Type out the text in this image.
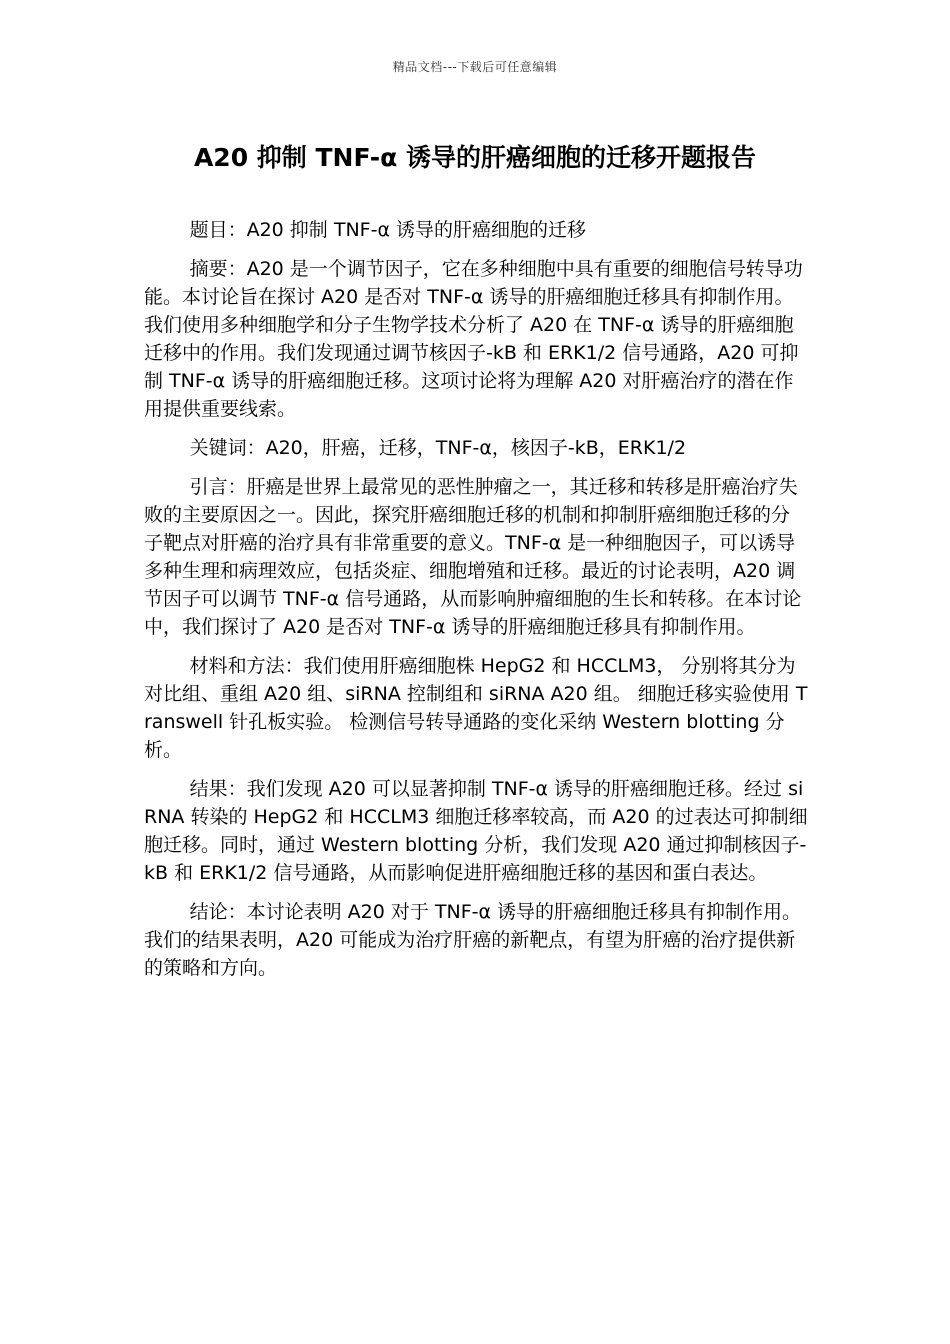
精品文档---下载后可任意编辑
A20 抑制 TNF-α 诱导的肝癌细胞的迁移开题报告

题目：A20 抑制 TNF-α 诱导的肝癌细胞的迁移

摘要：A20 是一个调节因子，它在多种细胞中具有重要的细胞信号转导功能。本讨论旨在探讨 A20 是否对 TNF-α 诱导的肝癌细胞迁移具有抑制作用。我们使用多种细胞学和分子生物学技术分析了 A20 在 TNF-α 诱导的肝癌细胞迁移中的作用。我们发现通过调节核因子-kB 和 ERK1/2 信号通路，A20 可抑制 TNF-α 诱导的肝癌细胞迁移。这项讨论将为理解 A20 对肝癌治疗的潜在作用提供重要线索。

关键词：A20，肝癌，迁移，TNF-α，核因子-kB，ERK1/2

引言：肝癌是世界上最常见的恶性肿瘤之一，其迁移和转移是肝癌治疗失败的主要原因之一。因此，探究肝癌细胞迁移的机制和抑制肝癌细胞迁移的分子靶点对肝癌的治疗具有非常重要的意义。TNF-α 是一种细胞因子，可以诱导多种生理和病理效应，包括炎症、细胞增殖和迁移。最近的讨论表明，A20 调节因子可以调节 TNF-α 信号通路，从而影响肿瘤细胞的生长和转移。在本讨论中，我们探讨了 A20 是否对 TNF-α 诱导的肝癌细胞迁移具有抑制作用。

材料和方法：我们使用肝癌细胞株 HepG2 和 HCCLM3， 分别将其分为对比组、重组 A20 组、siRNA 控制组和 siRNA A20 组。 细胞迁移实验使用 Transwell 针孔板实验。 检测信号转导通路的变化采纳 Western blotting 分析。

结果：我们发现 A20 可以显著抑制 TNF-α 诱导的肝癌细胞迁移。经过 siRNA 转染的 HepG2 和 HCCLM3 细胞迁移率较高，而 A20 的过表达可抑制细胞迁移。同时，通过 Western blotting 分析，我们发现 A20 通过抑制核因子-kB 和 ERK1/2 信号通路，从而影响促进肝癌细胞迁移的基因和蛋白表达。

结论：本讨论表明 A20 对于 TNF-α 诱导的肝癌细胞迁移具有抑制作用。我们的结果表明，A20 可能成为治疗肝癌的新靶点，有望为肝癌的治疗提供新的策略和方向。
